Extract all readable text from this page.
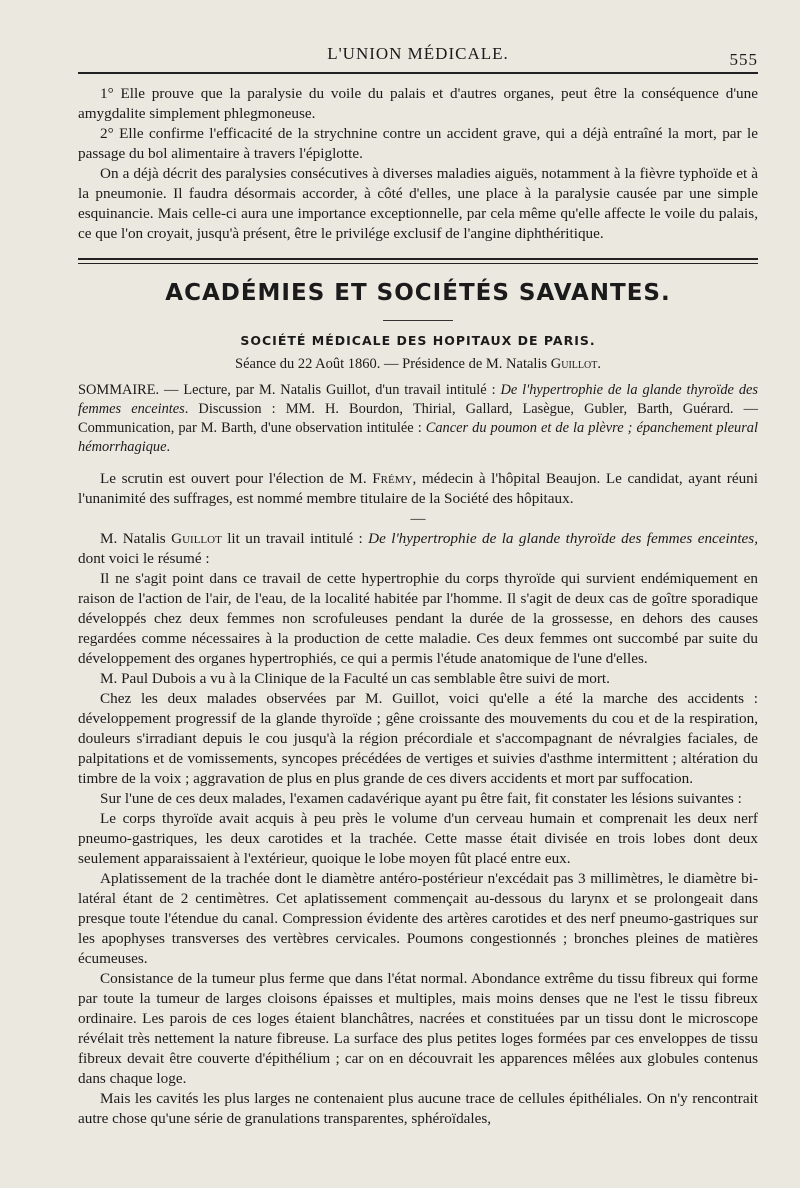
L'UNION MÉDICALE.	555

1° Elle prouve que la paralysie du voile du palais et d'autres organes, peut être la conséquence d'une amygdalite simplement phlegmoneuse.

2° Elle confirme l'efficacité de la strychnine contre un accident grave, qui a déjà entraîné la mort, par le passage du bol alimentaire à travers l'épiglotte.

On a déjà décrit des paralysies consécutives à diverses maladies aiguës, notamment à la fièvre typhoïde et à la pneumonie. Il faudra désormais accorder, à côté d'elles, une place à la paralysie causée par une simple esquinancie. Mais celle-ci aura une importance exceptionnelle, par cela même qu'elle affecte le voile du palais, ce que l'on croyait, jusqu'à présent, être le privilége exclusif de l'angine diphthéritique.

ACADÉMIES ET SOCIÉTÉS SAVANTES.
SOCIÉTÉ MÉDICALE DES HOPITAUX DE PARIS.
Séance du 22 Août 1860. — Présidence de M. Natalis Guillot.
SOMMAIRE. — Lecture, par M. Natalis Guillot, d'un travail intitulé : De l'hypertrophie de la glande thyroïde des femmes enceintes. Discussion : MM. H. Bourdon, Thirial, Gallard, Lasègue, Gubler, Barth, Guérard. — Communication, par M. Barth, d'une observation intitulée : Cancer du poumon et de la plèvre ; épanchement pleural hémorrhagique.

Le scrutin est ouvert pour l'élection de M. Frémy, médecin à l'hôpital Beaujon. Le candidat, ayant réuni l'unanimité des suffrages, est nommé membre titulaire de la Société des hôpitaux.

—

M. Natalis Guillot lit un travail intitulé : De l'hypertrophie de la glande thyroïde des femmes enceintes, dont voici le résumé :

Il ne s'agit point dans ce travail de cette hypertrophie du corps thyroïde qui survient endémiquement en raison de l'action de l'air, de l'eau, de la localité habitée par l'homme. Il s'agit de deux cas de goître sporadique développés chez deux femmes non scrofuleuses pendant la durée de la grossesse, en dehors des causes regardées comme nécessaires à la production de cette maladie. Ces deux femmes ont succombé par suite du développement des organes hypertrophiés, ce qui a permis l'étude anatomique de l'une d'elles.

M. Paul Dubois a vu à la Clinique de la Faculté un cas semblable être suivi de mort.

Chez les deux malades observées par M. Guillot, voici qu'elle a été la marche des accidents : développement progressif de la glande thyroïde ; gêne croissante des mouvements du cou et de la respiration, douleurs s'irradiant depuis le cou jusqu'à la région précordiale et s'accompagnant de névralgies faciales, de palpitations et de vomissements, syncopes précédées de vertiges et suivies d'asthme intermittent ; altération du timbre de la voix ; aggravation de plus en plus grande de ces divers accidents et mort par suffocation.

Sur l'une de ces deux malades, l'examen cadavérique ayant pu être fait, fit constater les lésions suivantes :

Le corps thyroïde avait acquis à peu près le volume d'un cerveau humain et comprenait les deux nerf pneumo-gastriques, les deux carotides et la trachée. Cette masse était divisée en trois lobes dont deux seulement apparaissaient à l'extérieur, quoique le lobe moyen fût placé entre eux.

Aplatissement de la trachée dont le diamètre antéro-postérieur n'excédait pas 3 millimètres, le diamètre bi-latéral étant de 2 centimètres. Cet aplatissement commençait au-dessous du larynx et se prolongeait dans presque toute l'étendue du canal. Compression évidente des artères carotides et des nerf pneumo-gastriques sur les apophyses transverses des vertèbres cervicales. Poumons congestionnés ; bronches pleines de matières écumeuses.

Consistance de la tumeur plus ferme que dans l'état normal. Abondance extrême du tissu fibreux qui forme par toute la tumeur de larges cloisons épaisses et multiples, mais moins denses que ne l'est le tissu fibreux ordinaire. Les parois de ces loges étaient blanchâtres, nacrées et constituées par un tissu dont le microscope révélait très nettement la nature fibreuse. La surface des plus petites loges formées par ces enveloppes de tissu fibreux devait être couverte d'épithélium ; car on en découvrait les apparences mêlées aux globules contenus dans chaque loge.

Mais les cavités les plus larges ne contenaient plus aucune trace de cellules épithéliales. On n'y rencontrait autre chose qu'une série de granulations transparentes, sphéroïdales,
